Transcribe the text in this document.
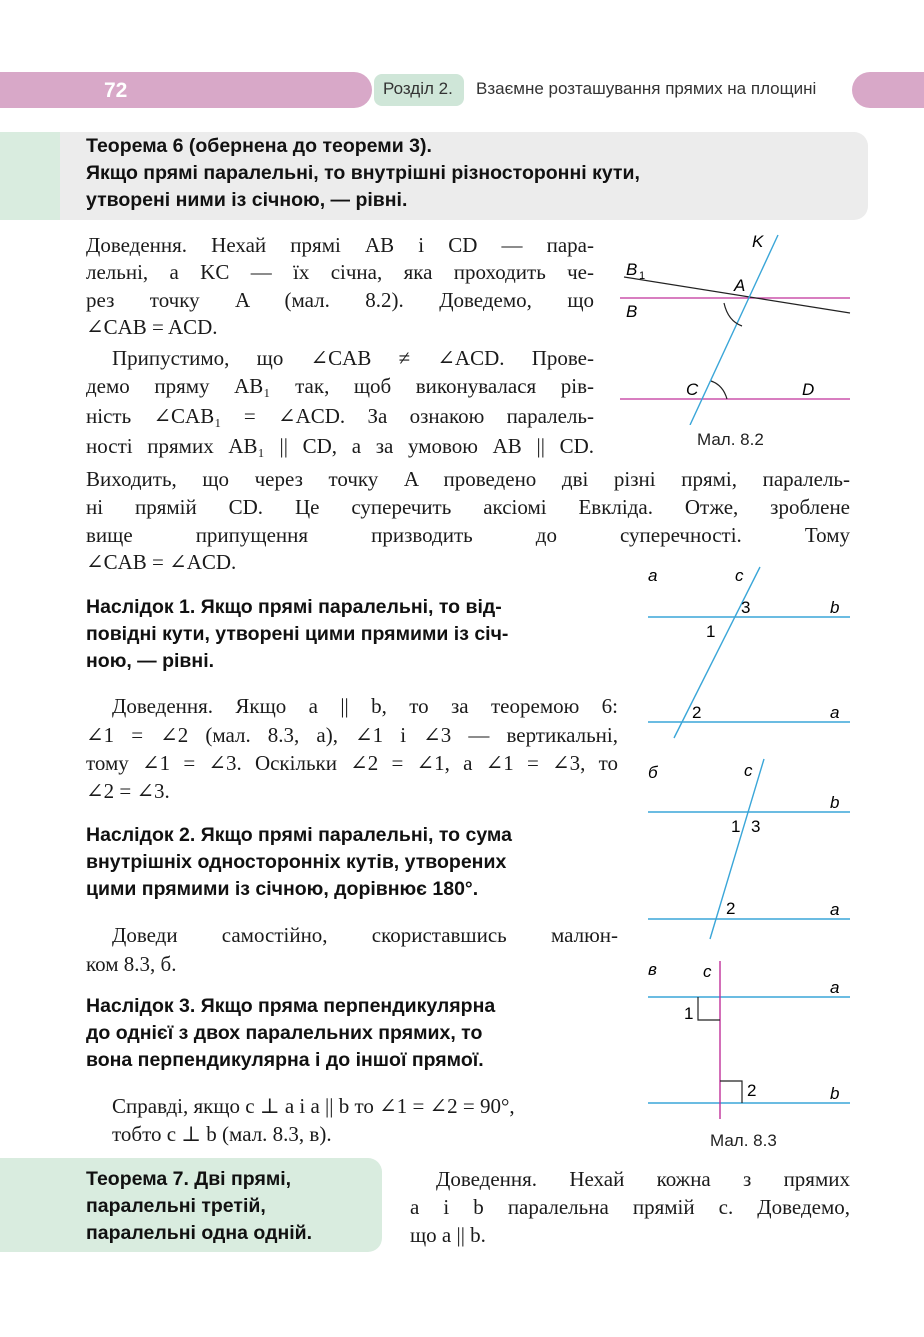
72	Розділ 2. Взаємне розташування прямих на площині
Теорема 6 (обернена до теореми 3).
Якщо прямі паралельні, то внутрішні різносторонні кути,
утворені ними із січною, — рівні.
Доведення. Нехай прямі AB і CD — пара-
лельні, а KC — їх січна, яка проходить че-
рез точку A (мал. 8.2). Доведемо, що
∠CAB = ACD.
Припустимо, що ∠CAB ≠ ∠ACD. Прове-
демо пряму AB₁ так, щоб виконувалася рів-
ність ∠CAB₁ = ∠ACD. За ознакою паралель-
ності прямих AB₁ || CD, а за умовою AB || CD.
Виходить, що через точку A проведено дві різні прямі, паралель-
ні прямій CD. Це суперечить аксіомі Евкліда. Отже, зроблене
вище припущення призводить до суперечності. Тому
∠CAB = ∠ACD.
Наслідок 1. Якщо прямі паралельні, то від-
повідні кути, утворені цими прямими із січ-
ною, — рівні.
Доведення. Якщо a || b, то за теоремою 6:
∠1 = ∠2 (мал. 8.3, а), ∠1 і ∠3 — вертикальні,
тому ∠1 = ∠3. Оскільки ∠2 = ∠1, а ∠1 = ∠3, то
∠2 = ∠3.
Наслідок 2. Якщо прямі паралельні, то сума
внутрішніх односторонніх кутів, утворених
цими прямими із січною, дорівнює 180°.
Доведи самостійно, скориставшись малюн-
ком 8.3, б.
Наслідок 3. Якщо пряма перпендикулярна
до однієї з двох паралельних прямих, то
вона перпендикулярна і до іншої прямої.
Справді, якщо c ⊥ a і a || b то ∠1 = ∠2 = 90°,
тобто c ⊥ b (мал. 8.3, в).
Теорема 7. Дві прямі,
паралельні третій,
паралельні одна одній.
Доведення. Нехай кожна з прямих
a і b паралельна прямій c. Доведемо,
що a || b.
K
B 1	A
B
C	D
Мал. 8.2
а	c
b
a
3
1
2
б	c
b
a
1 3
2
в	c
a
b
1
2
Мал. 8.3
